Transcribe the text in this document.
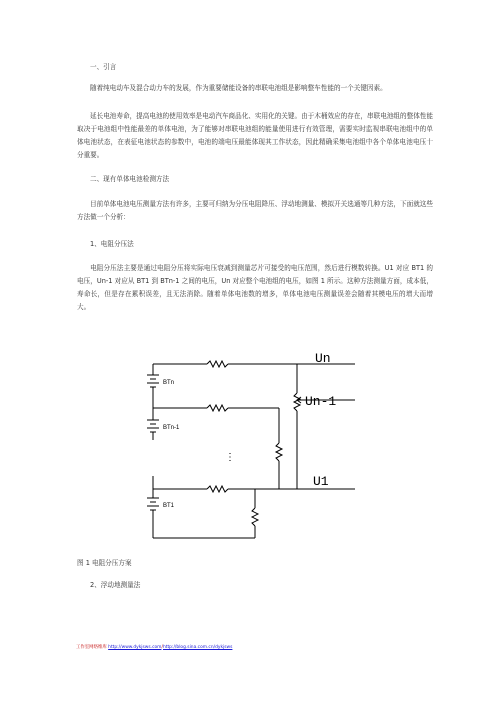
一、引言
随着纯电动车及混合动力车的发展，作为重要储能设备的串联电池组是影响整车性能的一个关键因素。
延长电池寿命，提高电池的使用效率是电动汽车商品化、实用化的关键。由于木桶效应的存在，串联电池组的整体性能取决于电池组中性能最差的单体电池，为了能够对串联电池组的能量使用进行有效管理，需要实时监视串联电池组中的单体电池状态，在表征电池状态的参数中，电池的端电压最能体现其工作状态，因此精确采集电池组中各个单体电池电压十分重要。
二、现有单体电池检测方法
目前单体电池电压测量方法有许多，主要可归纳为分压电阻降压、浮动地测量、模拟开关选通等几种方法，下面就这些方法做一个分析：
1、电阻分压法
电阻分压法主要是通过电阻分压将实际电压衰减到测量芯片可接受的电压范围，然后进行模数转换。U1 对应 BT1 的电压，Un-1 对应从 BT1 到 BTn-1 之间的电压，Un 对应整个电池组的电压，如图 1 所示。这种方法测量方面，成本低，寿命长，但是存在累积误差，且无法消除。随着单体电池数的增多，单体电池电压测量误差会随着其模电压的增大而增大。
⋮
Un
Un-1
U1
BTn
BTn-1
BT1
图 1 电阻分压方案
2、浮动地测量法
工作室网络维库 http://www.dykjsws.com/http://blog.sina.com.cn/dykjsws
